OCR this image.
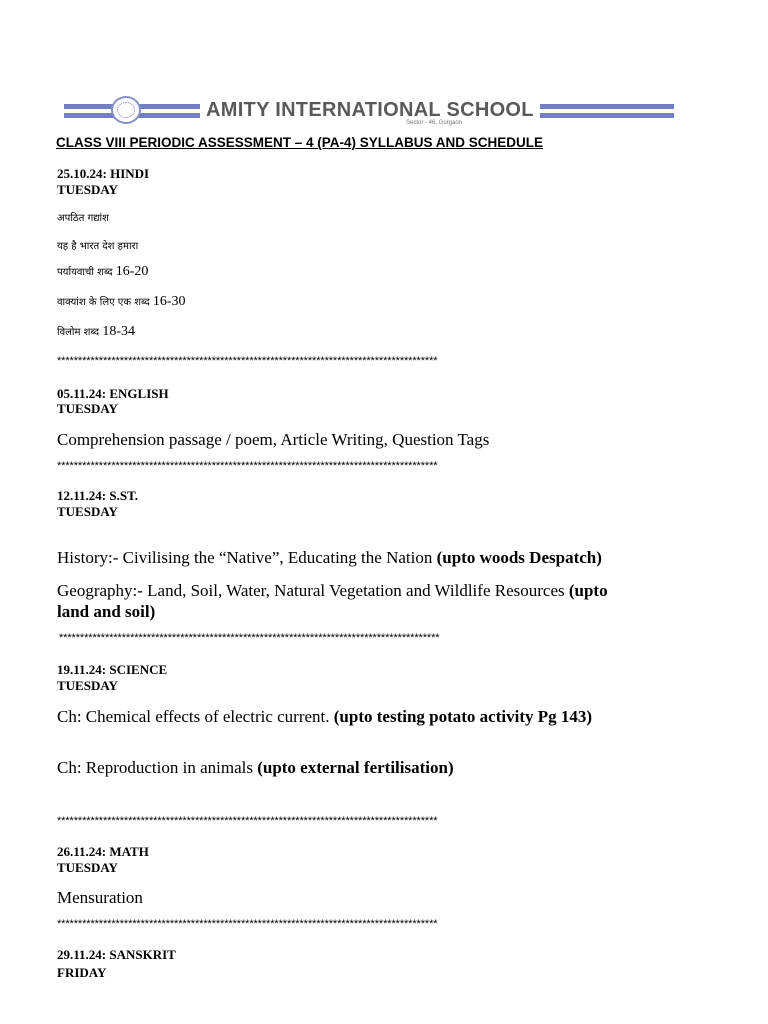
AMITY INTERNATIONAL SCHOOL
Sector - 46, Gurgaon
CLASS VIII PERIODIC ASSESSMENT – 4 (PA-4) SYLLABUS AND SCHEDULE
25.10.24: HINDI
TUESDAY
अपठित गद्यांश
यह है भारत देश हमारा
पर्यायवाची शब्द 16-20
वाक्यांश के लिए एक शब्द 16-30
विलोम शब्द 18-34
*******************************************************************************************
05.11.24: ENGLISH
TUESDAY
Comprehension passage / poem, Article Writing, Question Tags
*******************************************************************************************
12.11.24: S.ST.
TUESDAY
History:- Civilising the “Native”, Educating the Nation (upto woods Despatch)
Geography:- Land, Soil, Water, Natural Vegetation and Wildlife Resources (upto
land and soil)
*******************************************************************************************
19.11.24: SCIENCE
TUESDAY
Ch: Chemical effects of electric current. (upto testing potato activity Pg 143)
Ch: Reproduction in animals (upto external fertilisation)
*******************************************************************************************
26.11.24: MATH
TUESDAY
Mensuration
*******************************************************************************************
29.11.24: SANSKRIT
FRIDAY
